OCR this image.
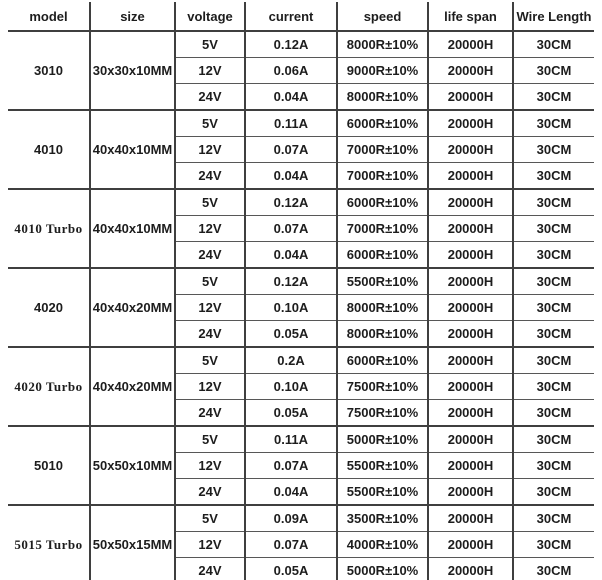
model	size	voltage	current	speed	life span	Wire Length
3010	30x30x10MM	5V	0.12A	8000R±10%	20000H	30CM
		12V	0.06A	9000R±10%	20000H	30CM
		24V	0.04A	8000R±10%	20000H	30CM
4010	40x40x10MM	5V	0.11A	6000R±10%	20000H	30CM
		12V	0.07A	7000R±10%	20000H	30CM
		24V	0.04A	7000R±10%	20000H	30CM
4010 Turbo	40x40x10MM	5V	0.12A	6000R±10%	20000H	30CM
		12V	0.07A	7000R±10%	20000H	30CM
		24V	0.04A	6000R±10%	20000H	30CM
4020	40x40x20MM	5V	0.12A	5500R±10%	20000H	30CM
		12V	0.10A	8000R±10%	20000H	30CM
		24V	0.05A	8000R±10%	20000H	30CM
4020 Turbo	40x40x20MM	5V	0.2A	6000R±10%	20000H	30CM
		12V	0.10A	7500R±10%	20000H	30CM
		24V	0.05A	7500R±10%	20000H	30CM
5010	50x50x10MM	5V	0.11A	5000R±10%	20000H	30CM
		12V	0.07A	5500R±10%	20000H	30CM
		24V	0.04A	5500R±10%	20000H	30CM
5015 Turbo	50x50x15MM	5V	0.09A	3500R±10%	20000H	30CM
		12V	0.07A	4000R±10%	20000H	30CM
		24V	0.05A	5000R±10%	20000H	30CM
